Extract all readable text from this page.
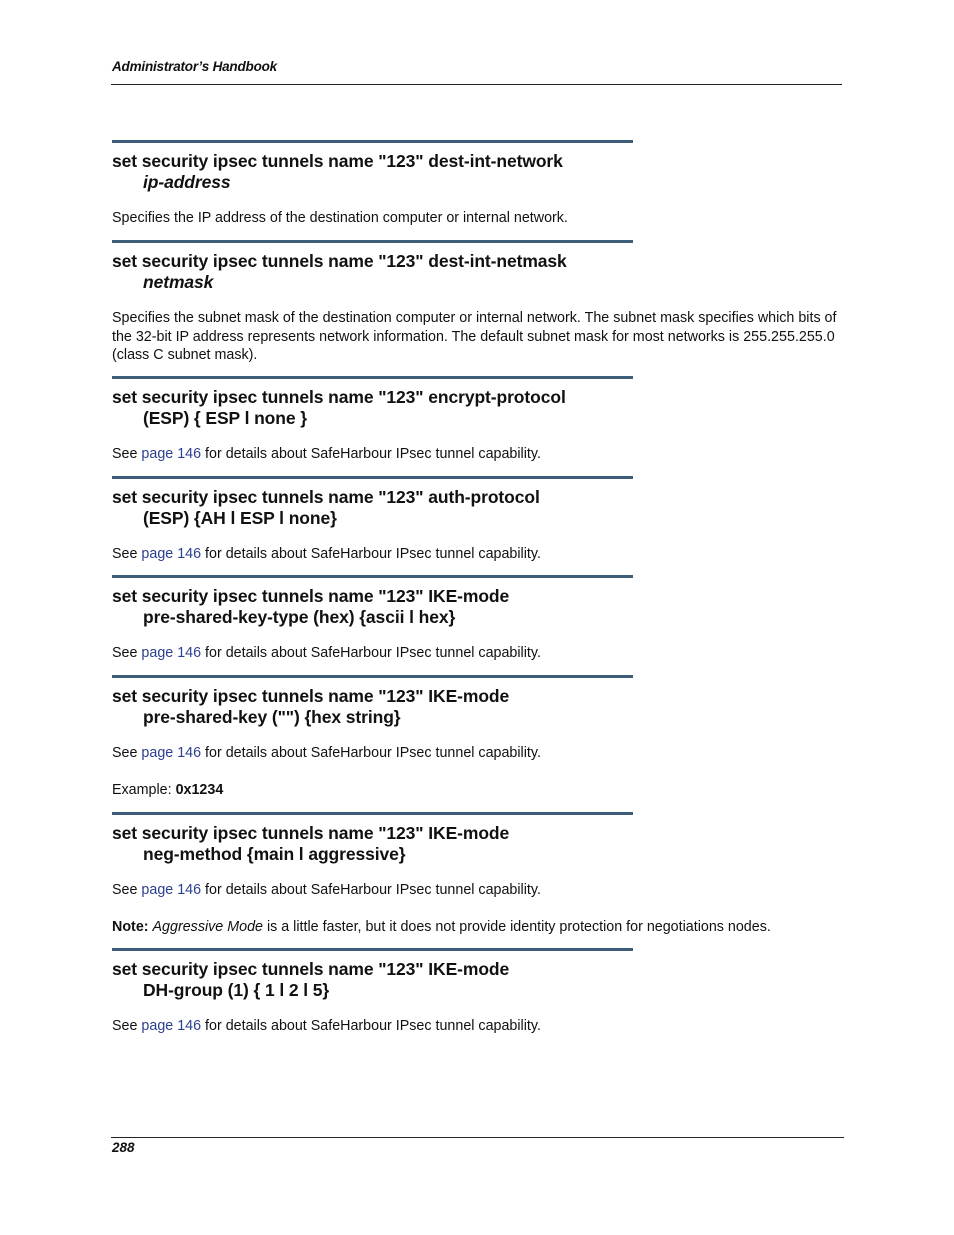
Administrator’s Handbook
set security ipsec tunnels name "123" dest-int-network
ip-address

Specifies the IP address of the destination computer or internal network.

set security ipsec tunnels name "123" dest-int-netmask
netmask

Specifies the subnet mask of the destination computer or internal network. The subnet mask specifies which bits of the 32-bit IP address represents network information. The default subnet mask for most networks is 255.255.255.0 (class C subnet mask).

set security ipsec tunnels name "123" encrypt-protocol
(ESP) { ESP l none }

See page 146 for details about SafeHarbour IPsec tunnel capability.

set security ipsec tunnels name "123" auth-protocol
(ESP) {AH l ESP l none}

See page 146 for details about SafeHarbour IPsec tunnel capability.

set security ipsec tunnels name "123" IKE-mode
pre-shared-key-type (hex) {ascii l hex}

See page 146 for details about SafeHarbour IPsec tunnel capability.

set security ipsec tunnels name "123" IKE-mode
pre-shared-key ("") {hex string}

See page 146 for details about SafeHarbour IPsec tunnel capability.

Example: 0x1234

set security ipsec tunnels name "123" IKE-mode
neg-method {main l aggressive}

See page 146 for details about SafeHarbour IPsec tunnel capability.

Note: Aggressive Mode is a little faster, but it does not provide identity protection for negotiations nodes.

set security ipsec tunnels name "123" IKE-mode
DH-group (1) { 1 l 2 l 5}

See page 146 for details about SafeHarbour IPsec tunnel capability.

288
